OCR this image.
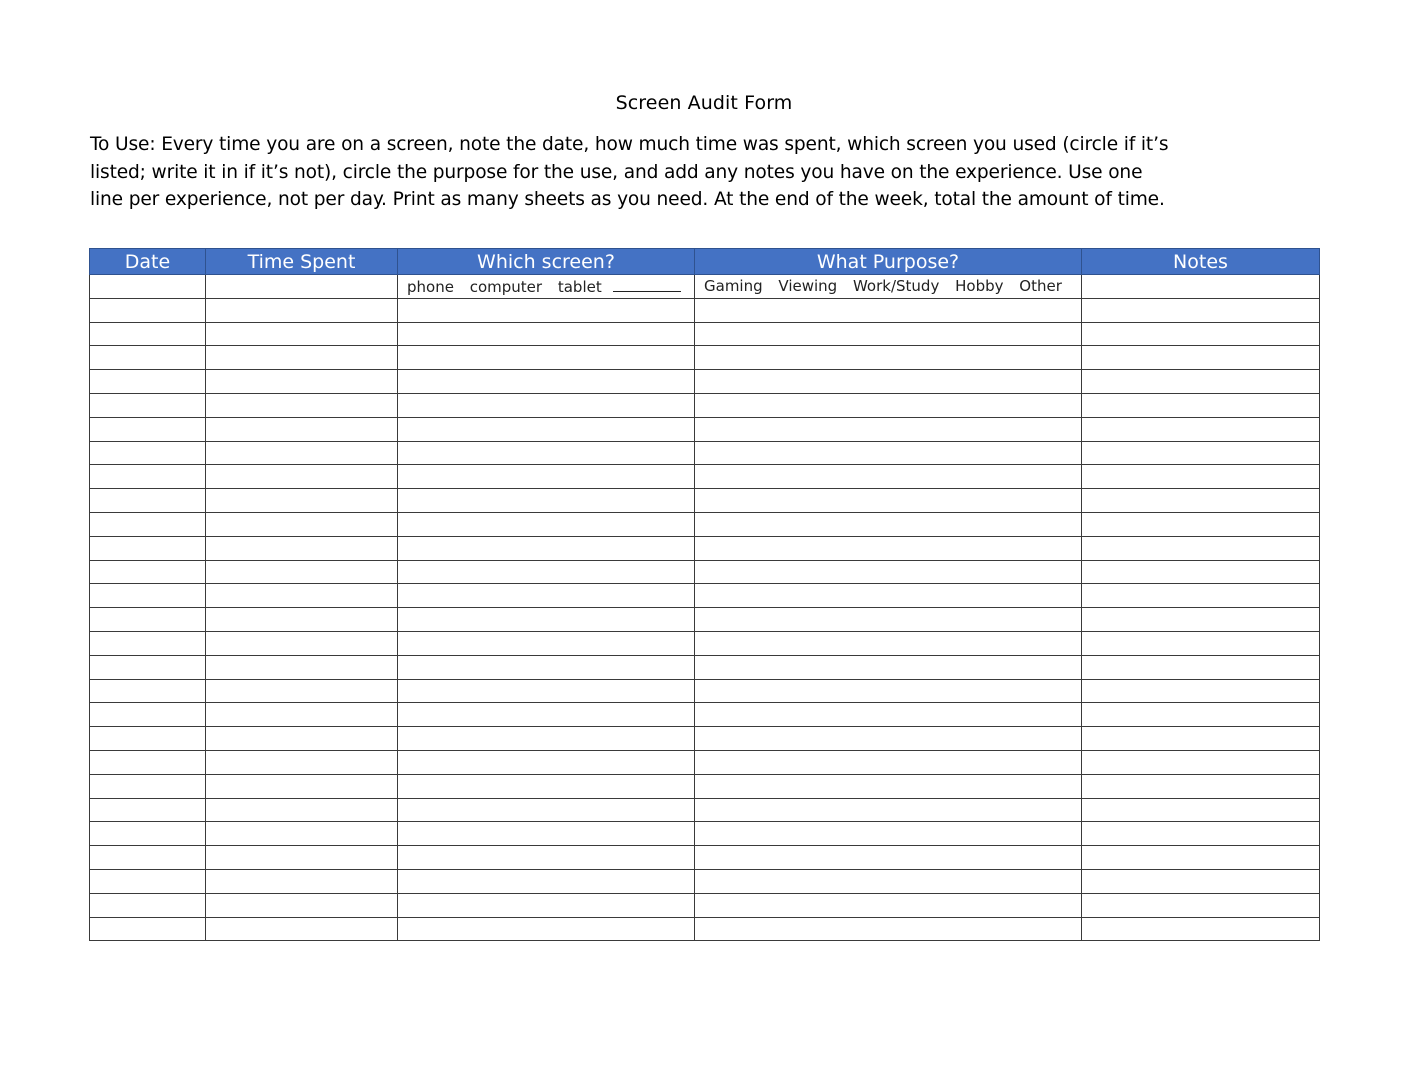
Screen Audit Form
To Use: Every time you are on a screen, note the date, how much time was spent, which screen you used (circle if it’s
listed; write it in if it’s not), circle the purpose for the use, and add any notes you have on the experience. Use one
line per experience, not per day. Print as many sheets as you need. At the end of the week, total the amount of time.
Date	Time Spent	Which screen?	What Purpose?	Notes
		phone computer tablet	Gaming Viewing Work/Study Hobby Other	
